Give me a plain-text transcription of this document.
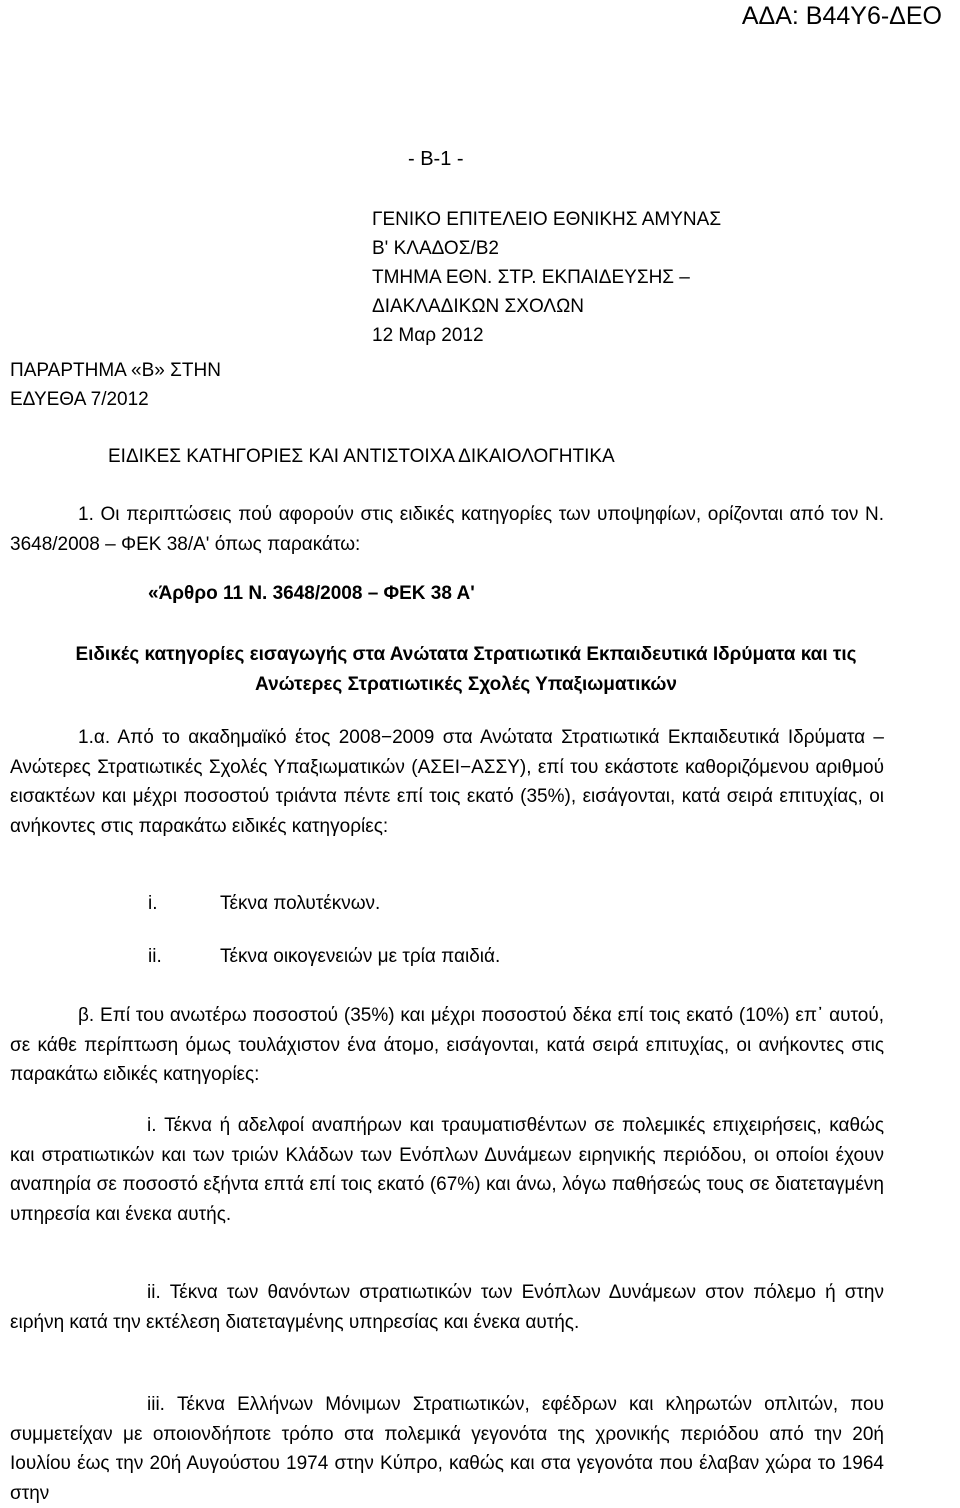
ΑΔΑ: Β44Υ6-ΔΕΟ
- Β-1 -
ΓΕΝΙΚΟ ΕΠΙΤΕΛΕΙΟ ΕΘΝΙΚΗΣ ΑΜΥΝΑΣ
Β' ΚΛΑΔΟΣ/Β2
ΤΜΗΜΑ ΕΘΝ. ΣΤΡ. ΕΚΠΑΙΔΕΥΣΗΣ –
ΔΙΑΚΛΑΔΙΚΩΝ ΣΧΟΛΩΝ
12 Μαρ 2012
ΠΑΡΑΡΤΗΜΑ «Β» ΣΤΗΝ
ΕΔΥΕΘΑ 7/2012
ΕΙΔΙΚΕΣ ΚΑΤΗΓΟΡΙΕΣ ΚΑΙ ΑΝΤΙΣΤΟΙΧΑ ΔΙΚΑΙΟΛΟΓΗΤΙΚΑ
1. Οι περιπτώσεις πού αφορούν στις ειδικές κατηγορίες των υποψηφίων, ορίζονται από τον Ν. 3648/2008 – ΦΕΚ 38/Α' όπως παρακάτω:
«Άρθρο 11 Ν. 3648/2008 – ΦΕΚ 38 Α'
Ειδικές κατηγορίες εισαγωγής στα Ανώτατα Στρατιωτικά Εκπαιδευτικά Ιδρύματα και τις Ανώτερες Στρατιωτικές Σχολές Υπαξιωματικών
1.α. Από το ακαδημαϊκό έτος 2008−2009 στα Ανώτατα Στρατιωτικά Εκπαιδευτικά Ιδρύματα – Ανώτερες Στρατιωτικές Σχολές Υπαξιωματικών (ΑΣΕΙ−ΑΣΣΥ), επί του εκάστοτε καθοριζόμενου αριθμού εισακτέων και μέχρι ποσοστού τριάντα πέντε επί τοις εκατό (35%), εισάγονται, κατά σειρά επιτυχίας, οι ανήκοντες στις παρακάτω ειδικές κατηγορίες:
i.	Τέκνα πολυτέκνων.
ii.	Τέκνα οικογενειών με τρία παιδιά.
β. Επί του ανωτέρω ποσοστού (35%) και μέχρι ποσοστού δέκα επί τοις εκατό (10%) επ᾽ αυτού, σε κάθε περίπτωση όμως τουλάχιστον ένα άτομο, εισάγονται, κατά σειρά επιτυχίας, οι ανήκοντες στις παρακάτω ειδικές κατηγορίες:
i. Τέκνα ή αδελφοί αναπήρων και τραυματισθέντων σε πολεμικές επιχειρήσεις, καθώς και στρατιωτικών και των τριών Κλάδων των Ενόπλων Δυνάμεων ειρηνικής περιόδου, οι οποίοι έχουν αναπηρία σε ποσοστό εξήντα επτά επί τοις εκατό (67%) και άνω, λόγω παθήσεώς τους σε διατεταγμένη υπηρεσία και ένεκα αυτής.
ii. Τέκνα των θανόντων στρατιωτικών των Ενόπλων Δυνάμεων στον πόλεμο ή στην ειρήνη κατά την εκτέλεση διατεταγμένης υπηρεσίας και ένεκα αυτής.
iii. Τέκνα Ελλήνων Μόνιμων Στρατιωτικών, εφέδρων και κληρωτών οπλιτών, που συμμετείχαν με οποιονδήποτε τρόπο στα πολεμικά γεγονότα της χρονικής περιόδου από την 20ή Ιουλίου έως την 20ή Αυγούστου 1974 στην Κύπρο, καθώς και στα γεγονότα που έλαβαν χώρα το 1964 στην
